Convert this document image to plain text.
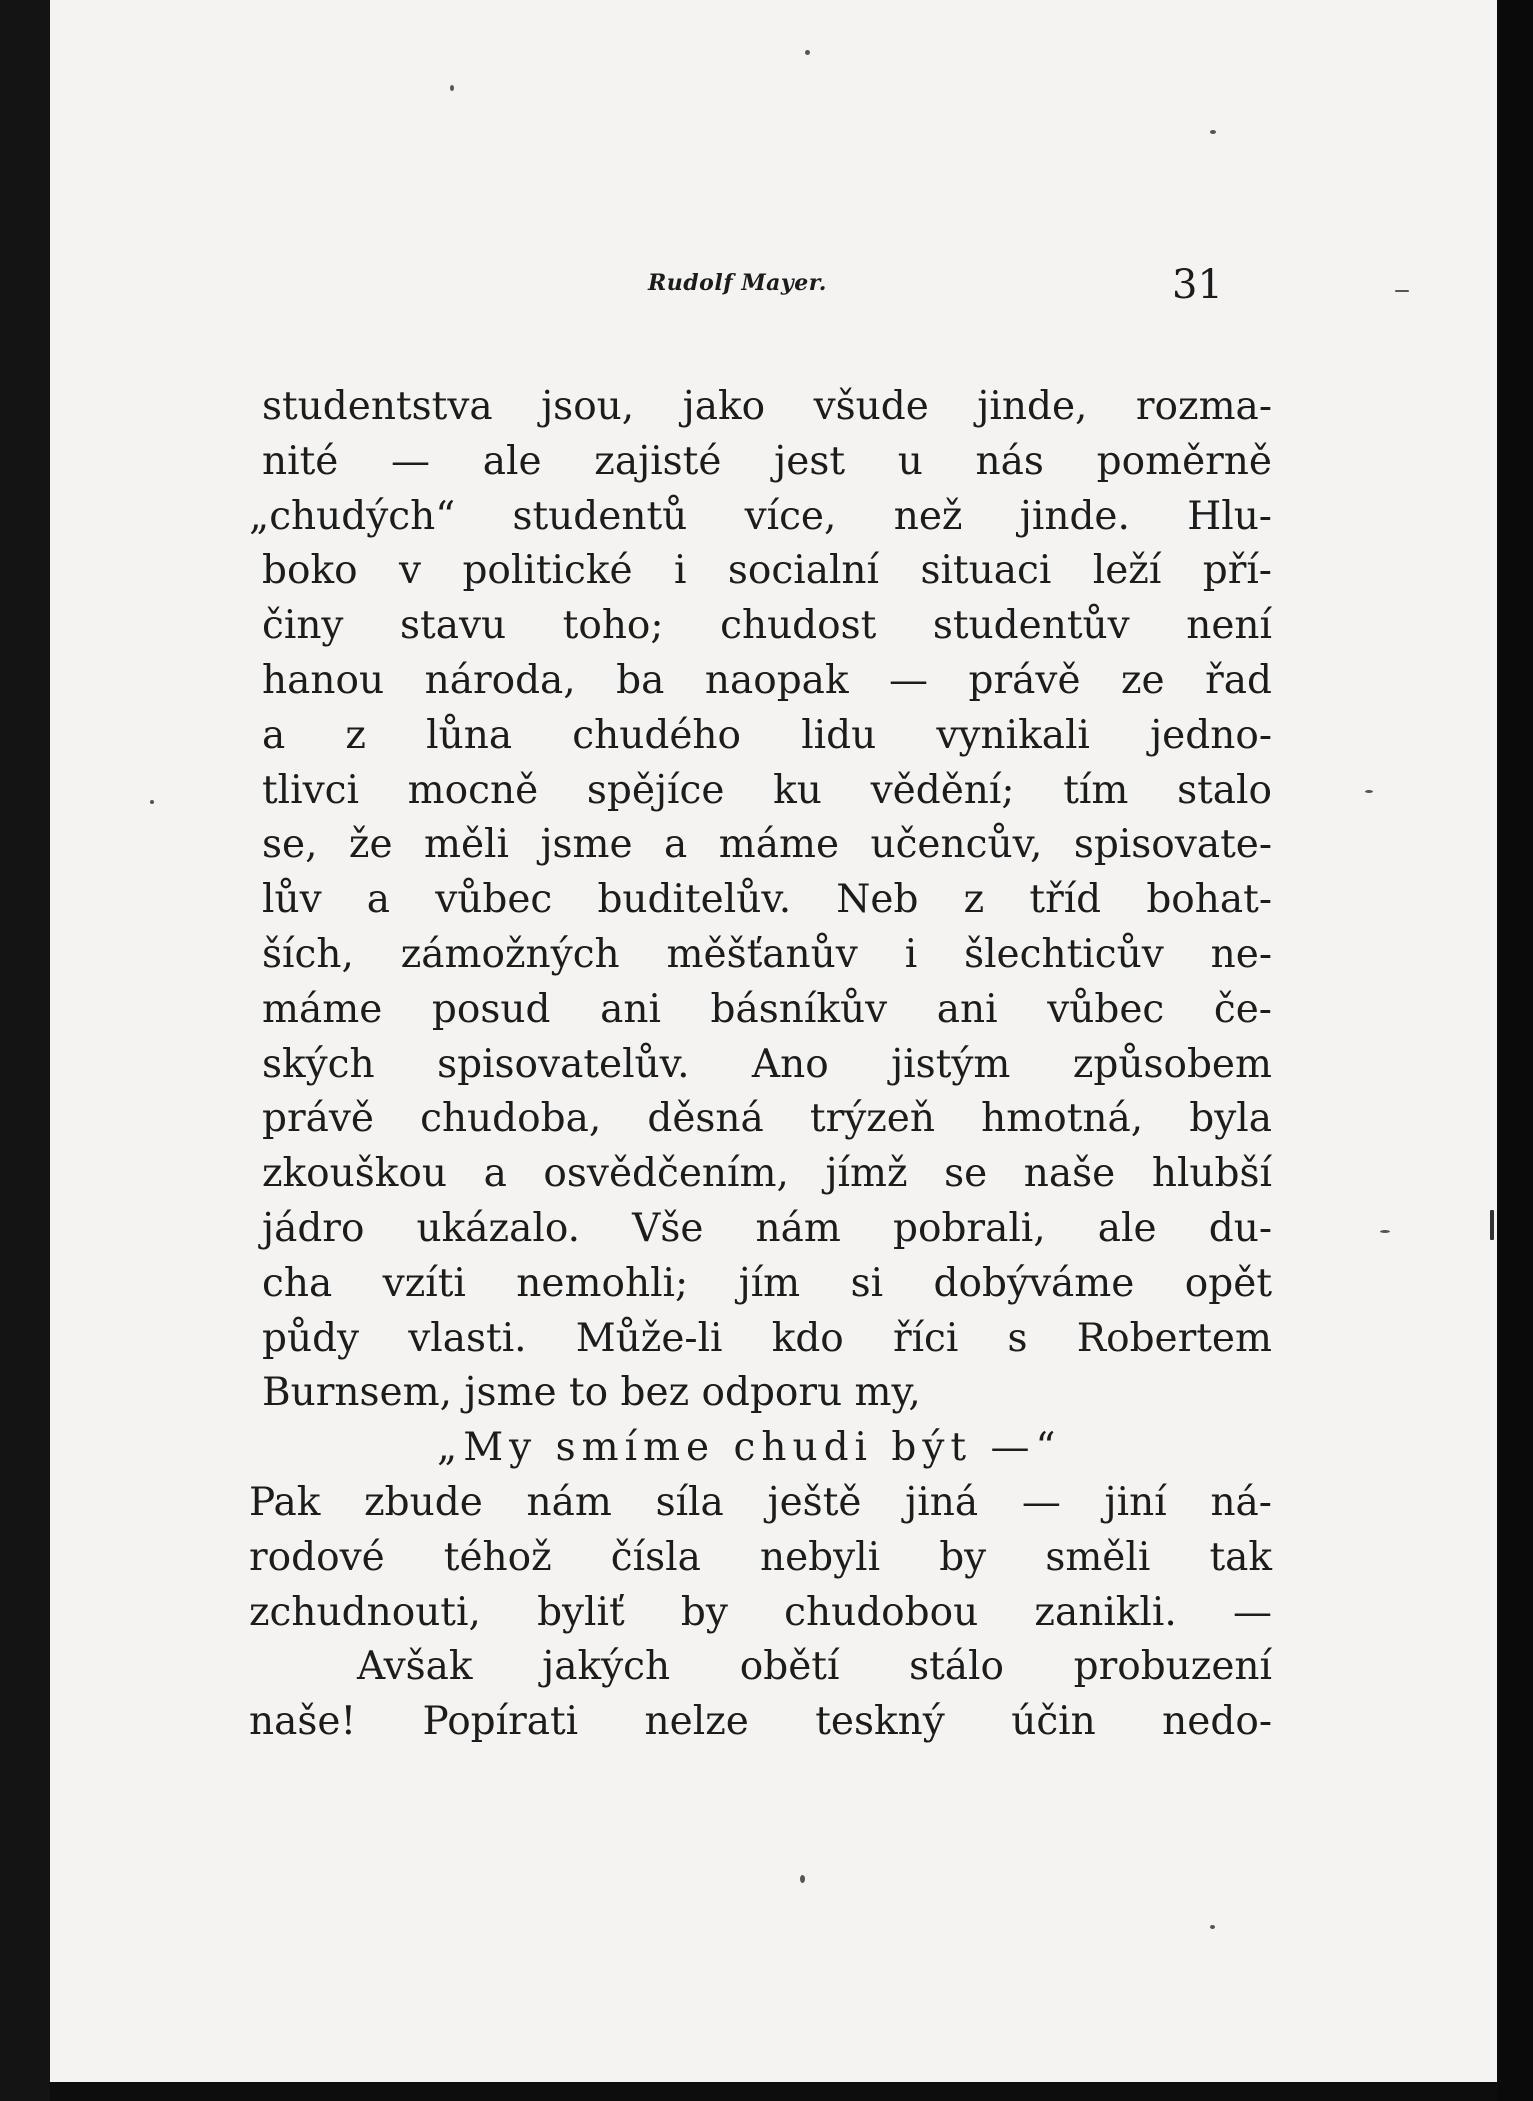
Rudolf Mayer.	31
studentstva jsou, jako všude jinde, rozma-
nité — ale zajisté jest u nás poměrně
„chudých“ studentů více, než jinde. Hlu-
boko v politické i socialní situaci leží pří-
činy stavu toho; chudost studentův není
hanou národa, ba naopak — právě ze řad
a z lůna chudého lidu vynikali jedno-
tlivci mocně spějíce ku vědění; tím stalo
se, že měli jsme a máme učencův, spisovate-
lův a vůbec buditelův. Neb z tříd bohat-
ších, zámožných měšťanův i šlechticův ne-
máme posud ani básníkův ani vůbec če-
ských spisovatelův. Ano jistým způsobem
právě chudoba, děsná trýzeň hmotná, byla
zkouškou a osvědčením, jímž se naše hlubší
jádro ukázalo. Vše nám pobrali, ale du-
cha vzíti nemohli; jím si dobýváme opět
půdy vlasti. Může-li kdo říci s Robertem
Burnsem, jsme to bez odporu my,
„My smíme chudi být —“
Pak zbude nám síla ještě jiná — jiní ná-
rodové téhož čísla nebyli by směli tak
zchudnouti, byliť by chudobou zanikli. —
Avšak jakých obětí stálo probuzení
naše! Popírati nelze teskný účin nedo-
